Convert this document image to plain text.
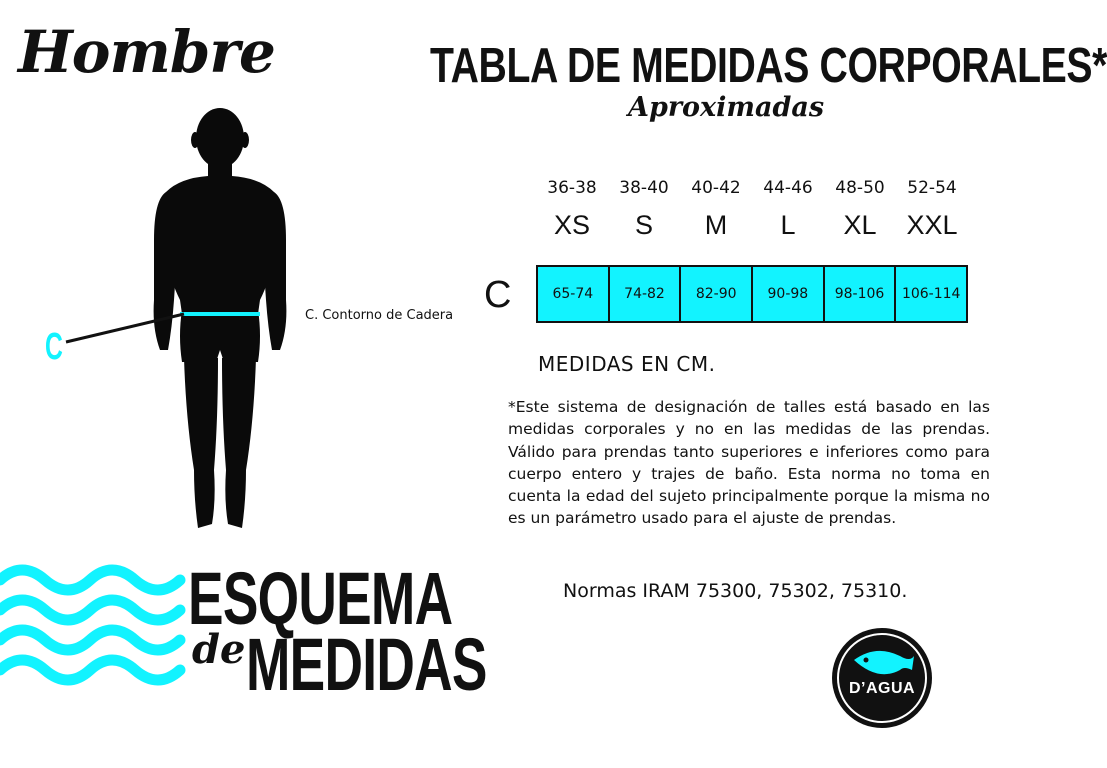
Hombre	TABLA DE MEDIDAS CORPORALES*
Aproximadas
36-38	38-40	40-42	44-46	48-50	52-54
XS	S	M	L	XL	XXL
C	65-74	74-82	82-90	90-98	98-106	106-114
MEDIDAS EN CM.
*Este sistema de designación de talles está basado en las medidas corporales y no en las medidas de las prendas. Válido para prendas tanto superiores e inferiores como para cuerpo entero y trajes de baño. Esta norma no toma en cuenta la edad del sujeto principalmente porque la misma no es un parámetro usado para el ajuste de prendas.
Normas IRAM 75300, 75302, 75310.
C
C. Contorno de Cadera
ESQUEMA
de MEDIDAS	D’AGUA
